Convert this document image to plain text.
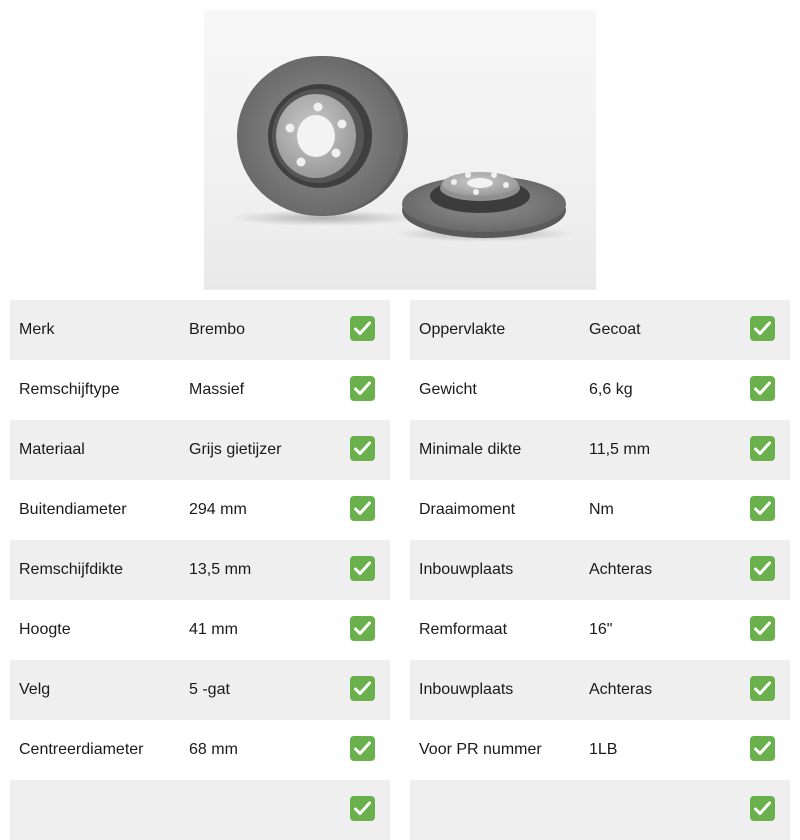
Merk	Brembo
Remschijftype	Massief
Materiaal	Grijs gietijzer
Buitendiameter	294 mm
Remschijfdikte	13,5 mm
Hoogte	41 mm
Velg	5 -gat
Centreerdiameter	68 mm
Oppervlakte	Gecoat
Gewicht	6,6 kg
Minimale dikte	11,5 mm
Draaimoment	Nm
Inbouwplaats	Achteras
Remformaat	16"
Inbouwplaats	Achteras
Voor PR nummer	1LB
